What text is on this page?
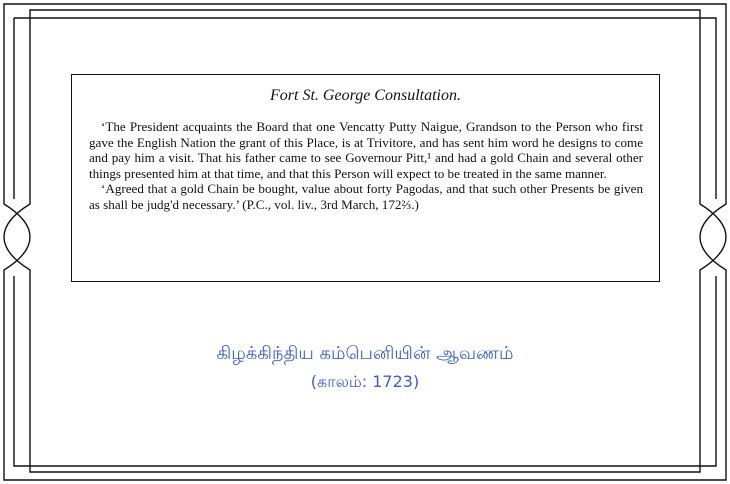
Fort St. George Consultation.

‘The President acquaints the Board that one Vencatty Putty Naigue, Grandson to the Person who first gave the English Nation the grant of this Place, is at Trivitore, and has sent him word he designs to come and pay him a visit. That his father came to see Governour Pitt,¹ and had a gold Chain and several other things presented him at that time, and that this Person will expect to be treated in the same manner.

‘Agreed that a gold Chain be bought, value about forty Pagodas, and that such other Presents be given as shall be judg'd necessary.’ (P.C., vol. liv., 3rd March, 172⅔.)

கிழக்கிந்திய கம்பெனியின் ஆவணம்
(காலம்: 1723)
